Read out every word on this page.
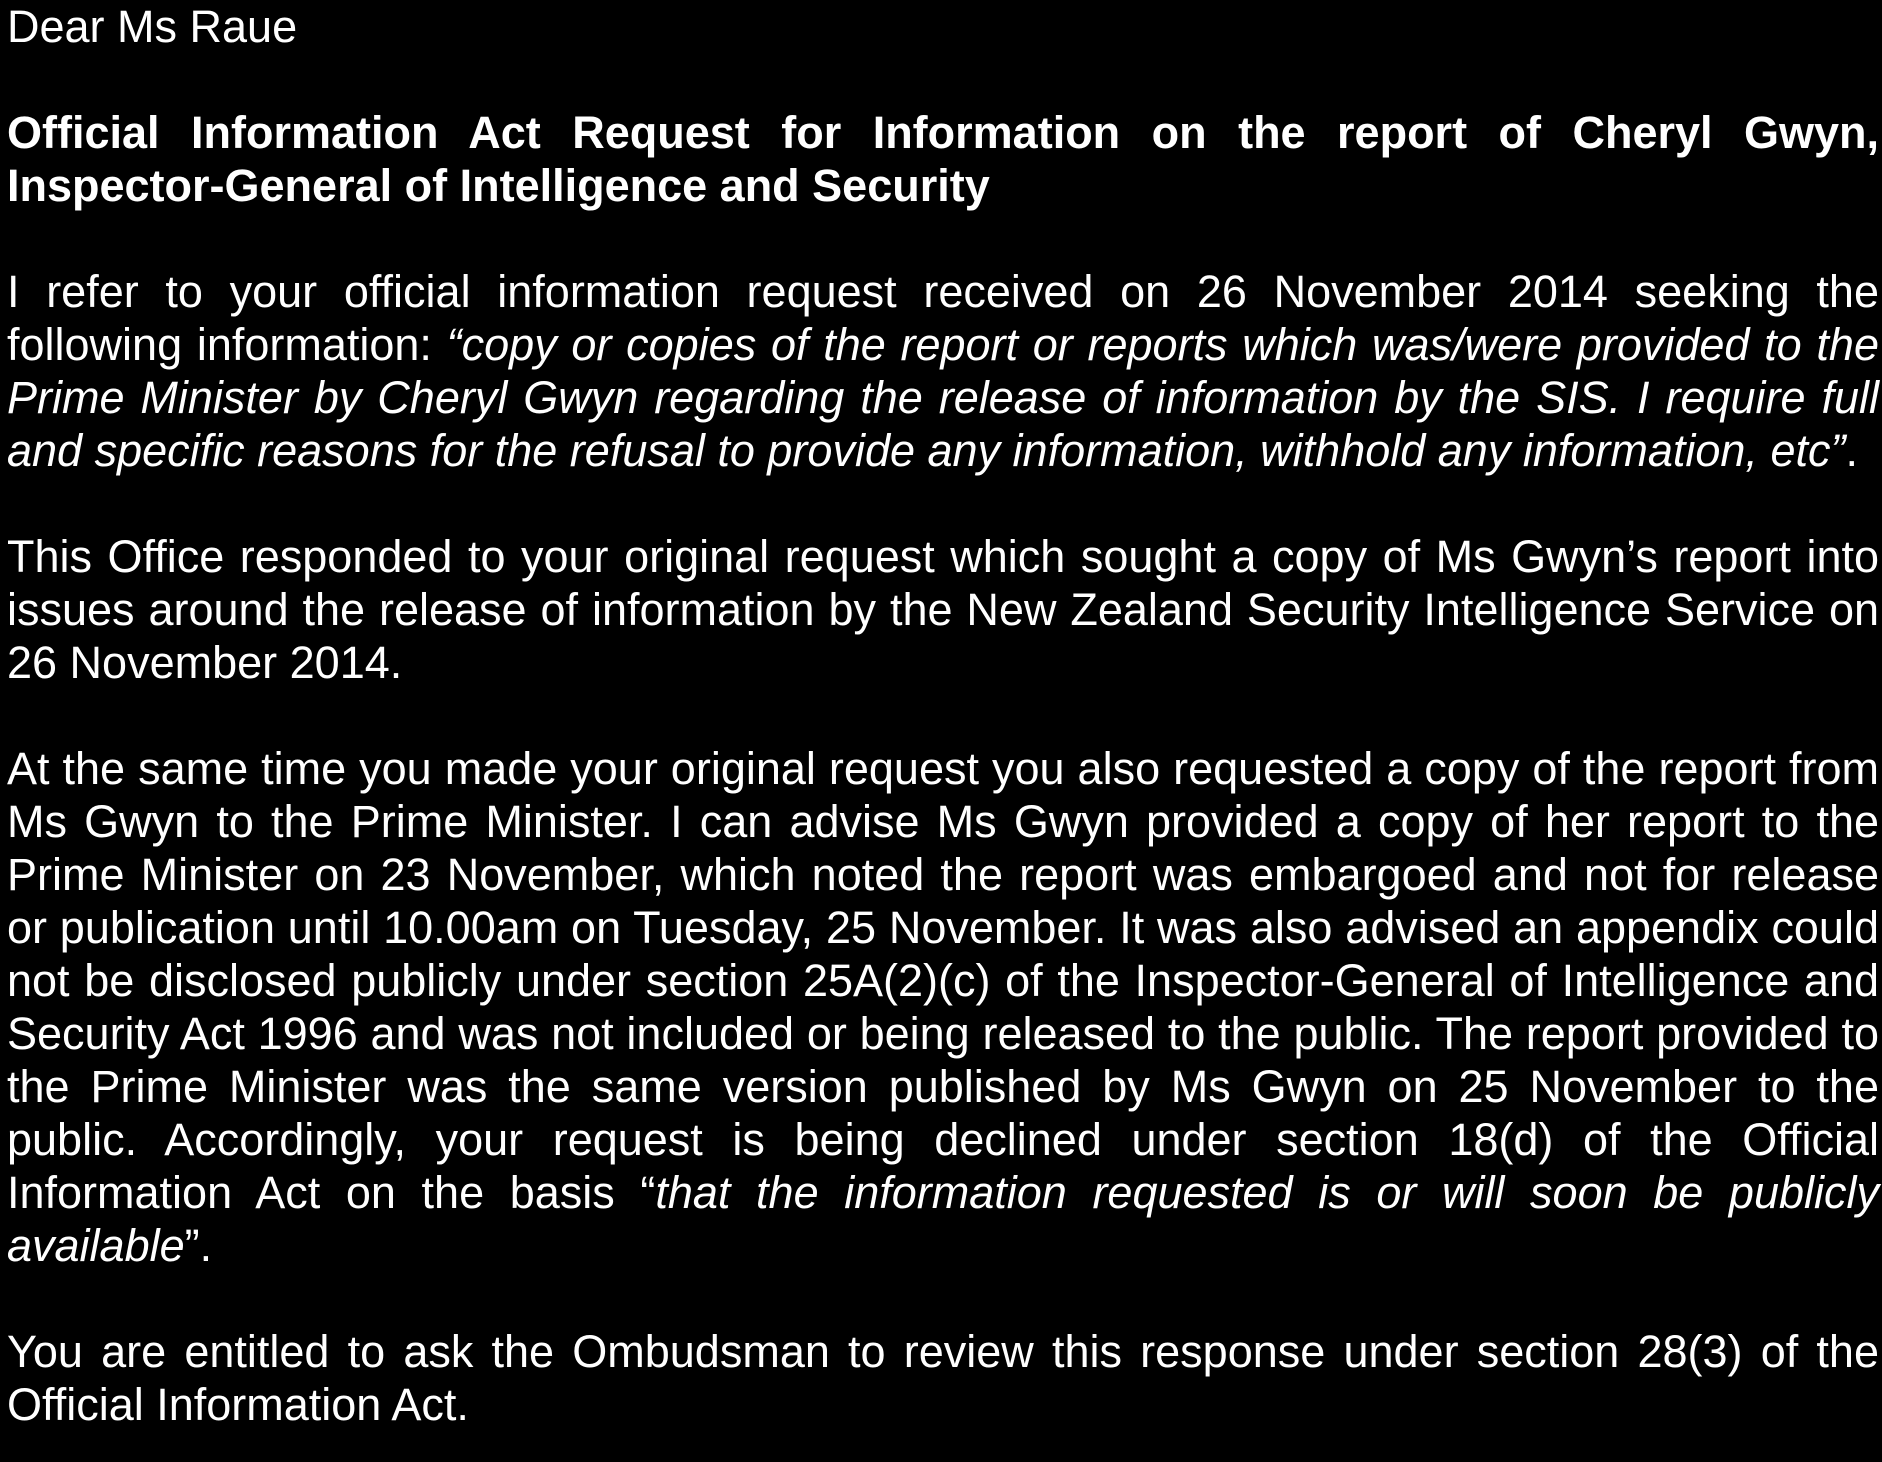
Dear Ms Raue

Official Information Act Request for Information on the report of Cheryl Gwyn, Inspector-General of Intelligence and Security

I refer to your official information request received on 26 November 2014 seeking the following information: “copy or copies of the report or reports which was/were provided to the Prime Minister by Cheryl Gwyn regarding the release of information by the SIS. I require full and specific reasons for the refusal to provide any information, withhold any information, etc”.

This Office responded to your original request which sought a copy of Ms Gwyn’s report into issues around the release of information by the New Zealand Security Intelligence Service on 26 November 2014.

At the same time you made your original request you also requested a copy of the report from Ms Gwyn to the Prime Minister. I can advise Ms Gwyn provided a copy of her report to the Prime Minister on 23 November, which noted the report was embargoed and not for release or publication until 10.00am on Tuesday, 25 November. It was also advised an appendix could not be disclosed publicly under section 25A(2)(c) of the Inspector-General of Intelligence and Security Act 1996 and was not included or being released to the public. The report provided to the Prime Minister was the same version published by Ms Gwyn on 25 November to the public. Accordingly, your request is being declined under section 18(d) of the Official Information Act on the basis “that the information requested is or will soon be publicly available”.

You are entitled to ask the Ombudsman to review this response under section 28(3) of the Official Information Act.
